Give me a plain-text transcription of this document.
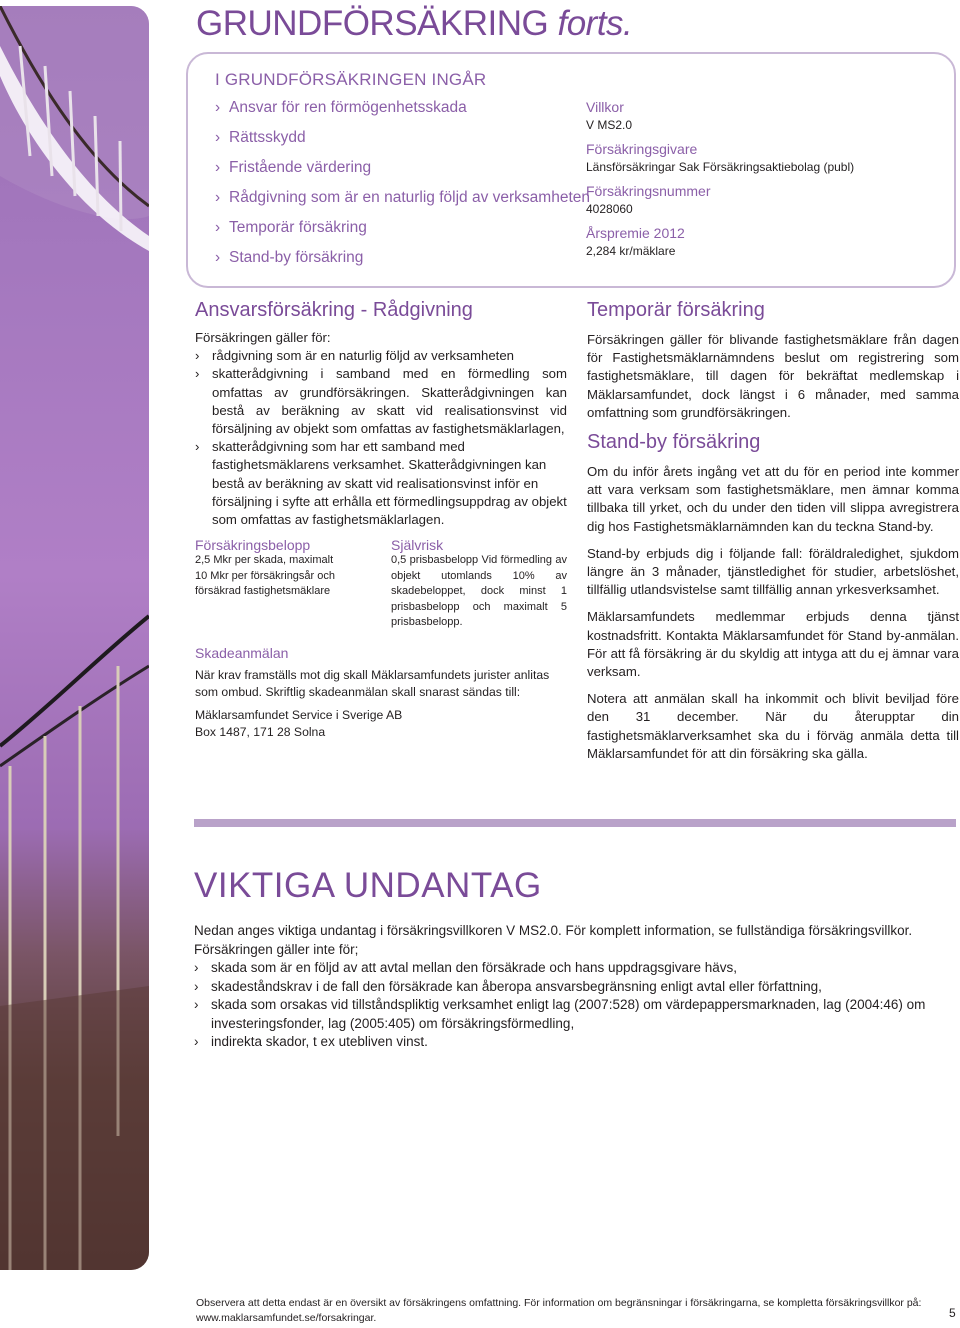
GRUNDFÖRSÄKRING forts.
I GRUNDFÖRSÄKRINGEN INGÅR
› Ansvar för ren förmögenhetsskada
› Rättsskydd
› Fristående värdering
› Rådgivning som är en naturlig följd av verksamheten
› Temporär försäkring
› Stand-by försäkring
Villkor
V MS2.0
Försäkringsgivare
Länsförsäkringar Sak Försäkringsaktiebolag (publ)
Försäkringsnummer
4028060
Årspremie 2012
2,284 kr/mäklare
Ansvarsförsäkring - Rådgivning

Försäkringen gäller för:

› rådgivning som är en naturlig följd av verksamheten
› skatterådgivning i samband med en förmedling som omfattas av grundförsäkringen. Skatterådgivningen kan bestå av beräkning av skatt vid realisationsvinst vid försäljning av objekt som omfattas av fastighetsmäklarlagen,
› skatterådgivning som har ett samband med fastighetsmäklarens verksamhet. Skatterådgivningen kan bestå av beräkning av skatt vid realisationsvinst inför en försäljning i syfte att erhålla ett förmedlingsuppdrag av objekt som omfattas av fastighetsmäklarlagen.
Försäkringsbelopp
2,5 Mkr per skada, maximalt 10 Mkr per försäkringsår och försäkrad fastighetsmäklare
Självrisk
0,5 prisbasbelopp Vid förmedling av objekt utomlands 10% av skadebeloppet, dock minst 1 prisbasbelopp och maximalt 5 prisbasbelopp.
Skadeanmälan
När krav framställs mot dig skall Mäklarsamfundets jurister anlitas som ombud. Skriftlig skadeanmälan skall snarast sändas till:
Mäklarsamfundet Service i Sverige AB
Box 1487, 171 28 Solna
Temporär försäkring

Försäkringen gäller för blivande fastighetsmäklare från dagen för Fastighetsmäklarnämndens beslut om registrering som fastighetsmäklare, till dagen för bekräftat medlemskap i Mäklarsamfundet, dock längst i 6 månader, med samma omfattning som grundförsäkringen.

Stand-by försäkring

Om du inför årets ingång vet att du för en period inte kommer att vara verksam som fastighetsmäklare, men ämnar komma tillbaka till yrket, och du under den tiden vill slippa avregistrera dig hos Fastighetsmäklarnämnden kan du teckna Stand-by.

Stand-by erbjuds dig i följande fall: föräldraledighet, sjukdom längre än 3 månader, tjänstledighet för studier, arbetslöshet, tillfällig utlandsvistelse samt tillfällig annan yrkesverksamhet.

Mäklarsamfundets medlemmar erbjuds denna tjänst kostnadsfritt. Kontakta Mäklarsamfundet för Stand by-anmälan. För att få försäkring är du skyldig att intyga att du ej ämnar vara verksam.

Notera att anmälan skall ha inkommit och blivit beviljad före den 31 december. När du återupptar din fastighetsmäklarverksamhet ska du i förväg anmäla detta till Mäklarsamfundet för att din försäkring ska gälla.

VIKTIGA UNDANTAG

Nedan anges viktiga undantag i försäkringsvillkoren V MS2.0. För komplett information, se fullständiga försäkringsvillkor.

Försäkringen gäller inte för;

› skada som är en följd av att avtal mellan den försäkrade och hans uppdragsgivare hävs,
› skadeståndskrav i de fall den försäkrade kan åberopa ansvarsbegränsning enligt avtal eller författning,
› skada som orsakas vid tillståndspliktig verksamhet enligt lag (2007:528) om värdepappersmarknaden, lag (2004:46) om investeringsfonder, lag (2005:405) om försäkringsförmedling,
› indirekta skador, t ex utebliven vinst.
Observera att detta endast är en översikt av försäkringens omfattning. För information om begränsningar i försäkringarna, se kompletta försäkringsvillkor på: www.maklarsamfundet.se/forsakringar.	5
